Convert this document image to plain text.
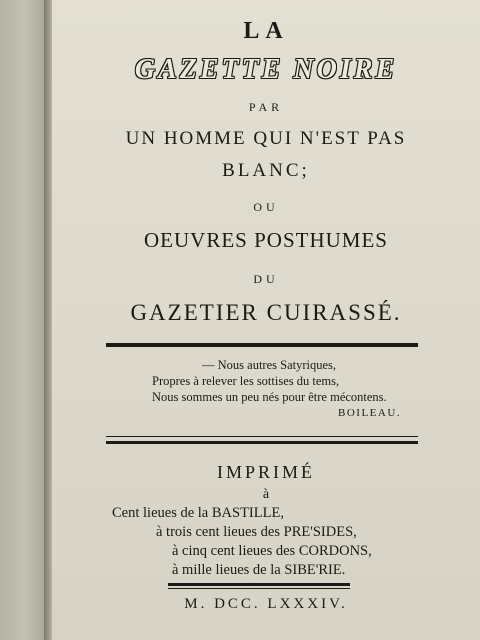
LA

GAZETTE NOIRE

PAR

UN HOMME QUI N'EST PAS

BLANC;

OU

OEUVRES POSTHUMES

DU

GAZETIER CUIRASSÉ.

— Nous autres Satyriques,
Propres à relever les sottises du tems,
Nous sommes un peu nés pour être mécontens.
BOILEAU.

IMPRIMÉ

à

Cent lieues de la BASTILLE,
à trois cent lieues des PRE'SIDES,
à cinq cent lieues des CORDONS,
à mille lieues de la SIBE'RIE.

M. DCC. LXXXIV.
